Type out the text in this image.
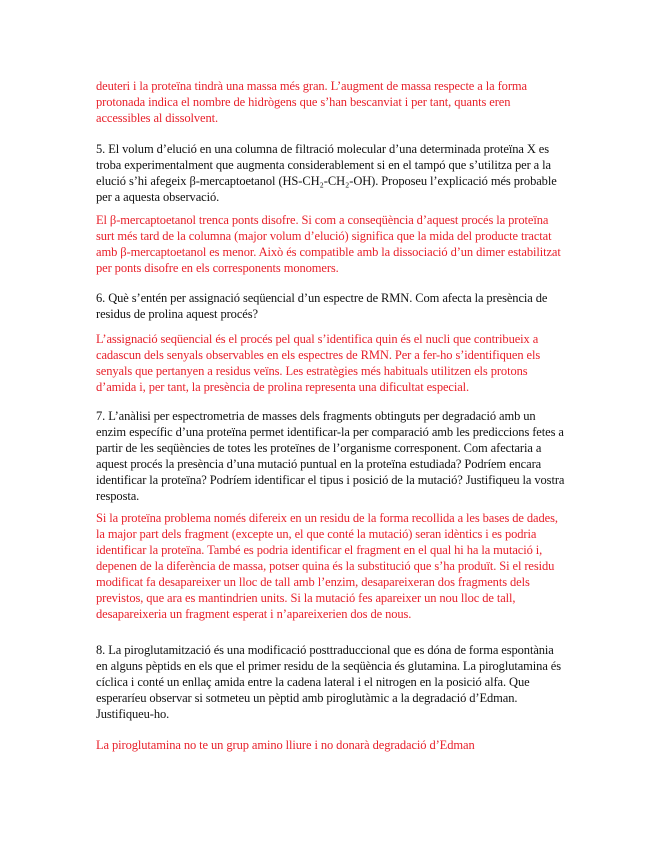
deuteri i la proteïna tindrà una massa més gran. L’augment de massa respecte a la forma protonada indica el nombre de hidrògens que s’han bescanviat i per tant, quants eren accessibles al dissolvent.

5. El volum d’elució en una columna de filtració molecular d’una determinada proteïna X es troba experimentalment que augmenta considerablement si en el tampó que s’utilitza per a la elució s’hi afegeix β-mercaptoetanol (HS-CH₂-CH₂-OH). Proposeu l’explicació més probable per a aquesta observació.

El β-mercaptoetanol trenca ponts disofre. Si com a conseqüència d’aquest procés la proteïna surt més tard de la columna (major volum d’elució) significa que la mida del producte tractat amb β-mercaptoetanol es menor. Això és compatible amb la dissociació d’un dimer estabilitzat per ponts disofre en els corresponents monomers.

6. Què s’entén per assignació seqüencial d’un espectre de RMN. Com afecta la presència de residus de prolina aquest procés?

L’assignació seqüencial és el procés pel qual s’identifica quin és el nucli que contribueix a cadascun dels senyals observables en els espectres de RMN. Per a fer-ho s’identifiquen els senyals que pertanyen a residus veïns. Les estratègies més habituals utilitzen els protons d’amida i, per tant, la presència de prolina representa una dificultat especial.

7. L’anàlisi per espectrometria de masses dels fragments obtinguts per degradació amb un enzim específic d’una proteïna permet identificar-la per comparació amb les prediccions fetes a partir de les seqüències de totes les proteïnes de l’organisme corresponent. Com afectaria a aquest procés la presència d’una mutació puntual en la proteïna estudiada? Podríem encara identificar la proteïna? Podríem identificar el tipus i posició de la mutació? Justifiqueu la vostra resposta.

Si la proteïna problema només difereix en un residu de la forma recollida a les bases de dades, la major part dels fragment (excepte un, el que conté la mutació) seran idèntics i es podria identificar la proteïna. També es podria identificar el fragment en el qual hi ha la mutació i, depenen de la diferència de massa, potser quina és la substitució que s’ha produït. Si el residu modificat fa desapareixer un lloc de tall amb l’enzim, desapareixeran dos fragments dels previstos, que ara es mantindrien units. Si la mutació fes apareixer un nou lloc de tall, desapareixeria un fragment esperat i n’apareixerien dos de nous.

8. La piroglutamització és una modificació posttraduccional que es dóna de forma espontània en alguns pèptids en els que el primer residu de la seqüència és glutamina. La piroglutamina és cíclica i conté un enllaç amida entre la cadena lateral i el nitrogen en la posició alfa. Que esperaríeu observar si sotmeteu un pèptid amb piroglutàmic a la degradació d’Edman. Justifiqueu-ho.

La piroglutamina no te un grup amino lliure i no donarà degradació d’Edman
